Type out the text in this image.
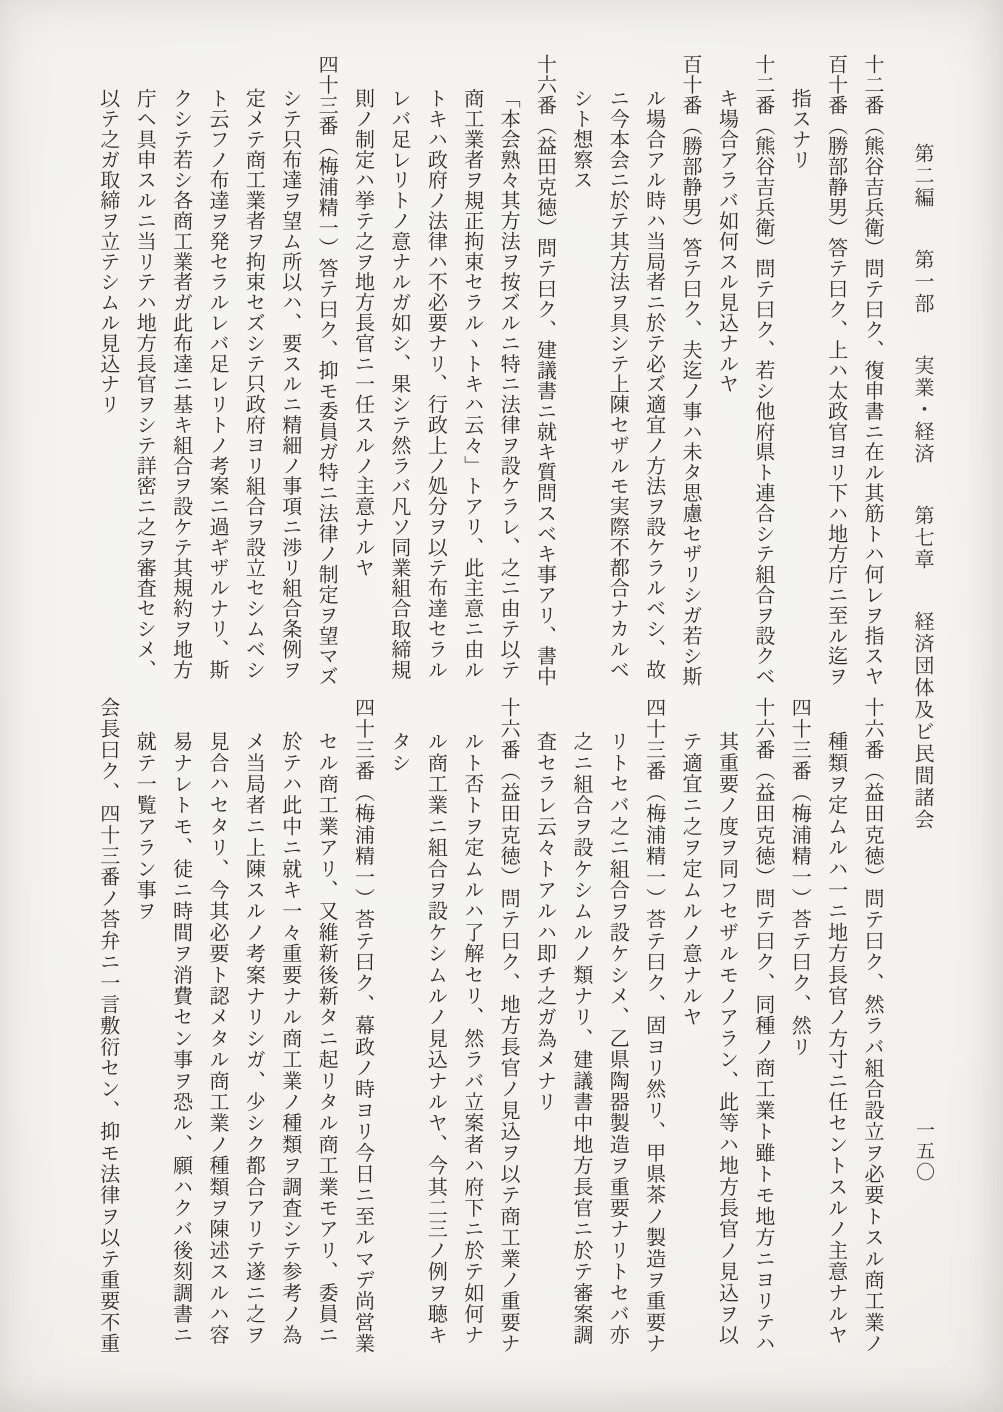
第二編第一部実業・経済第七章経済団体及ビ民間諸会
一五〇
十二番（熊谷吉兵衛）問テ曰ク、復申書ニ在ル其筋トハ何レヲ指スヤ
百十番（勝部静男）答テ曰ク、上ハ太政官ヨリ下ハ地方庁ニ至ル迄ヲ
指スナリ
十二番（熊谷吉兵衛）問テ曰ク、若シ他府県ト連合シテ組合ヲ設クベ
キ場合アラバ如何スル見込ナルヤ
百十番（勝部静男）答テ曰ク、夫迄ノ事ハ未タ思慮セザリシガ若シ斯
ル場合アル時ハ当局者ニ於テ必ズ適宜ノ方法ヲ設ケラルベシ、故
ニ今本会ニ於テ其方法ヲ具シテ上陳セザルモ実際不都合ナカルベ
シト想察ス
十六番（益田克徳）問テ曰ク、建議書ニ就キ質問スベキ事アリ、書中
「本会熟々其方法ヲ按ズルニ特ニ法律ヲ設ケラレ、之ニ由テ以テ
商工業者ヲ規正拘束セラルヽトキハ云々」トアリ、此主意ニ由ル
トキハ政府ノ法律ハ不必要ナリ、行政上ノ処分ヲ以テ布達セラル
レバ足レリトノ意ナルガ如シ、果シテ然ラバ凡ソ同業組合取締規
則ノ制定ハ挙テ之ヲ地方長官ニ一任スルノ主意ナルヤ
四十三番（梅浦精一）答テ曰ク、抑モ委員ガ特ニ法律ノ制定ヲ望マズ
シテ只布達ヲ望ム所以ハ、要スルニ精細ノ事項ニ渉リ組合条例ヲ
定メテ商工業者ヲ拘束セズシテ只政府ヨリ組合ヲ設立セシムベシ
ト云フノ布達ヲ発セラルレバ足レリトノ考案ニ過ギザルナリ、斯
クシテ若シ各商工業者ガ此布達ニ基キ組合ヲ設ケテ其規約ヲ地方
庁ヘ具申スルニ当リテハ地方長官ヲシテ詳密ニ之ヲ審査セシメ、
以テ之ガ取締ヲ立テシムル見込ナリ
十六番（益田克徳）問テ曰ク、然ラバ組合設立ヲ必要トスル商工業ノ
種類ヲ定ムルハ一ニ地方長官ノ方寸ニ任セントスルノ主意ナルヤ
四十三番（梅浦精一）荅テ曰ク、然リ
十六番（益田克徳）問テ曰ク、同種ノ商工業ト雖トモ地方ニヨリテハ
其重要ノ度ヲ同フセザルモノアラン、此等ハ地方長官ノ見込ヲ以
テ適宜ニ之ヲ定ムルノ意ナルヤ
四十三番（梅浦精一）荅テ曰ク、固ヨリ然リ、甲県茶ノ製造ヲ重要ナ
リトセバ之ニ組合ヲ設ケシメ、乙県陶器製造ヲ重要ナリトセバ亦
之ニ組合ヲ設ケシムルノ類ナリ、建議書中地方長官ニ於テ審案調
査セラレ云々トアルハ即チ之ガ為メナリ
十六番（益田克徳）問テ曰ク、地方長官ノ見込ヲ以テ商工業ノ重要ナ
ルト否トヲ定ムルハ了解セリ、然ラバ立案者ハ府下ニ於テ如何ナ
ル商工業ニ組合ヲ設ケシムルノ見込ナルヤ、今其二三ノ例ヲ聴キ
タシ
四十三番（梅浦精一）荅テ曰ク、幕政ノ時ヨリ今日ニ至ルマデ尚営業
セル商工業アリ、又維新後新タニ起リタル商工業モアリ、委員ニ
於テハ此中ニ就キ一々重要ナル商工業ノ種類ヲ調査シテ参考ノ為
メ当局者ニ上陳スルノ考案ナリシガ、少シク都合アリテ遂ニ之ヲ
見合ハセタリ、今其必要ト認メタル商工業ノ種類ヲ陳述スルハ容
易ナレトモ、徒ニ時間ヲ消費セン事ヲ恐ル、願ハクバ後刻調書ニ
就テ一覧アラン事ヲ
会長曰ク、四十三番ノ荅弁ニ一言敷衍セン、抑モ法律ヲ以テ重要不重
